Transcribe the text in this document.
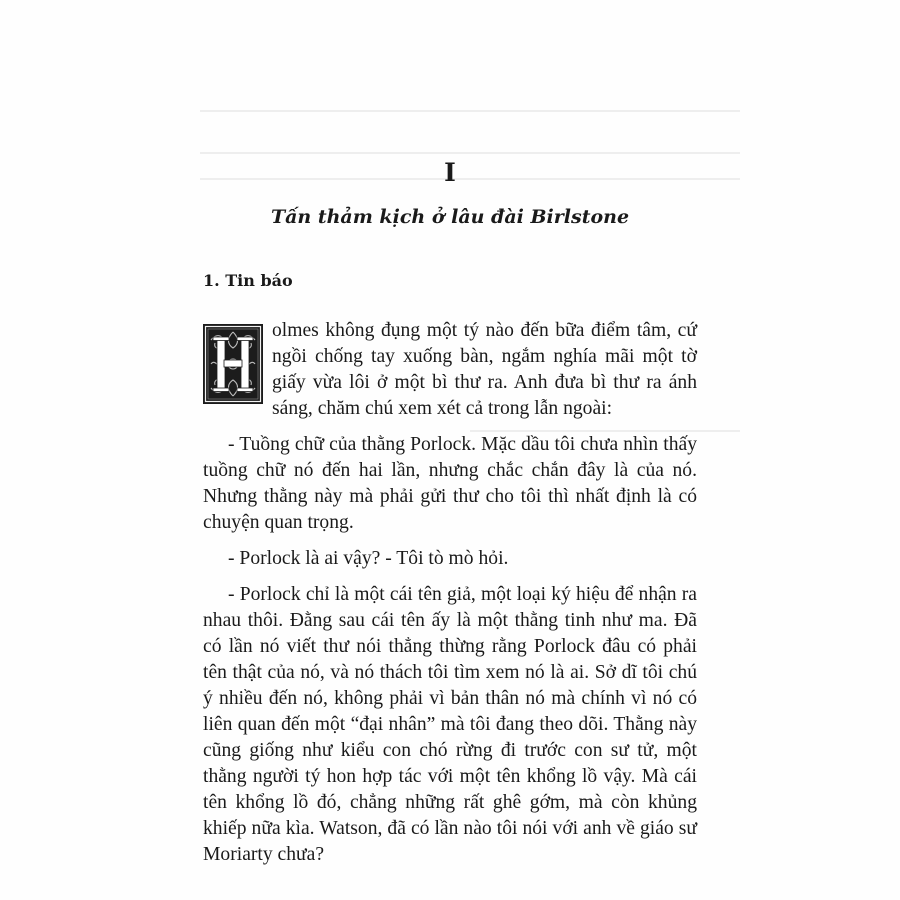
I
Tấn thảm kịch ở lâu đài Birlstone
1. Tin báo

olmes không đụng một tý nào đến bữa điểm tâm, cứ ngồi chống tay xuống bàn, ngắm nghía mãi một tờ giấy vừa lôi ở một bì thư ra. Anh đưa bì thư ra ánh sáng, chăm chú xem xét cả trong lẫn ngoài:

- Tuồng chữ của thằng Porlock. Mặc dầu tôi chưa nhìn thấy tuồng chữ nó đến hai lần, nhưng chắc chắn đây là của nó. Nhưng thằng này mà phải gửi thư cho tôi thì nhất định là có chuyện quan trọng.

- Porlock là ai vậy? - Tôi tò mò hỏi.

- Porlock chỉ là một cái tên giả, một loại ký hiệu để nhận ra nhau thôi. Đằng sau cái tên ấy là một thằng tinh như ma. Đã có lần nó viết thư nói thẳng thừng rằng Porlock đâu có phải tên thật của nó, và nó thách tôi tìm xem nó là ai. Sở dĩ tôi chú ý nhiều đến nó, không phải vì bản thân nó mà chính vì nó có liên quan đến một “đại nhân” mà tôi đang theo dõi. Thằng này cũng giống như kiểu con chó rừng đi trước con sư tử, một thằng người tý hon hợp tác với một tên khổng lồ vậy. Mà cái tên khổng lồ đó, chẳng những rất ghê gớm, mà còn khủng khiếp nữa kìa. Watson, đã có lần nào tôi nói với anh về giáo sư Moriarty chưa?
